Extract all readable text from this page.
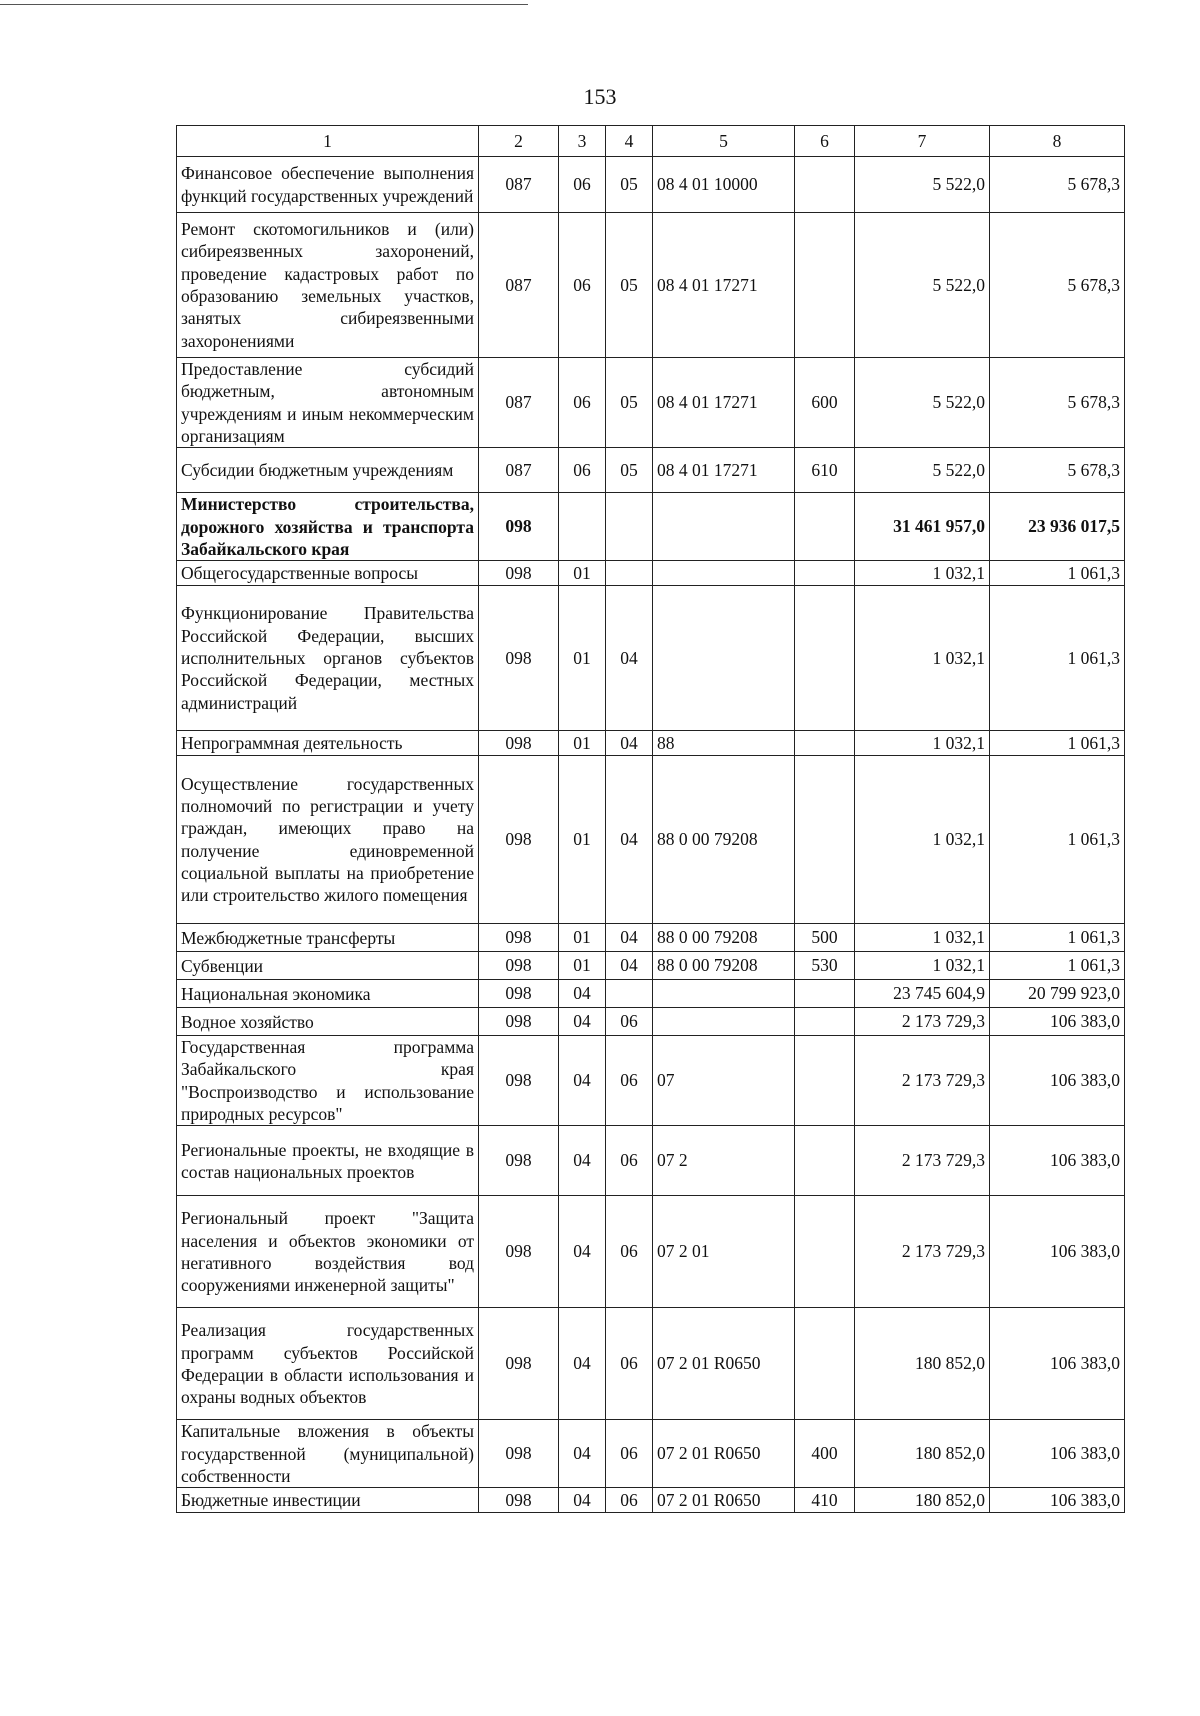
153
1	2	3	4	5	6	7	8
Финансовое обеспечение выполнения функций государственных учреждений	087	06	05	08 4 01 10000		5 522,0	5 678,3
Ремонт скотомогильников и (или) сибиреязвенных захоронений, проведение кадастровых работ по образованию земельных участков, занятых сибиреязвенными захоронениями	087	06	05	08 4 01 17271		5 522,0	5 678,3
Предоставление субсидий бюджетным, автономным учреждениям и иным некоммерческим организациям	087	06	05	08 4 01 17271	600	5 522,0	5 678,3
Субсидии бюджетным учреждениям	087	06	05	08 4 01 17271	610	5 522,0	5 678,3
Министерство строительства, дорожного хозяйства и транспорта Забайкальского края	098					31 461 957,0	23 936 017,5
Общегосударственные вопросы	098	01				1 032,1	1 061,3
Функционирование Правительства Российской Федерации, высших исполнительных органов субъектов Российской Федерации, местных администраций	098	01	04			1 032,1	1 061,3
Непрограммная деятельность	098	01	04	88		1 032,1	1 061,3
Осуществление государственных полномочий по регистрации и учету граждан, имеющих право на получение единовременной социальной выплаты на приобретение или строительство жилого помещения	098	01	04	88 0 00 79208		1 032,1	1 061,3
Межбюджетные трансферты	098	01	04	88 0 00 79208	500	1 032,1	1 061,3
Субвенции	098	01	04	88 0 00 79208	530	1 032,1	1 061,3
Национальная экономика	098	04				23 745 604,9	20 799 923,0
Водное хозяйство	098	04	06			2 173 729,3	106 383,0
Государственная программа Забайкальского края "Воспроизводство и использование природных ресурсов"	098	04	06	07		2 173 729,3	106 383,0
Региональные проекты, не входящие в состав национальных проектов	098	04	06	07 2		2 173 729,3	106 383,0
Региональный проект "Защита населения и объектов экономики от негативного воздействия вод сооружениями инженерной защиты"	098	04	06	07 2 01		2 173 729,3	106 383,0
Реализация государственных программ субъектов Российской Федерации в области использования и охраны водных объектов	098	04	06	07 2 01 R0650		180 852,0	106 383,0
Капитальные вложения в объекты государственной (муниципальной) собственности	098	04	06	07 2 01 R0650	400	180 852,0	106 383,0
Бюджетные инвестиции	098	04	06	07 2 01 R0650	410	180 852,0	106 383,0
